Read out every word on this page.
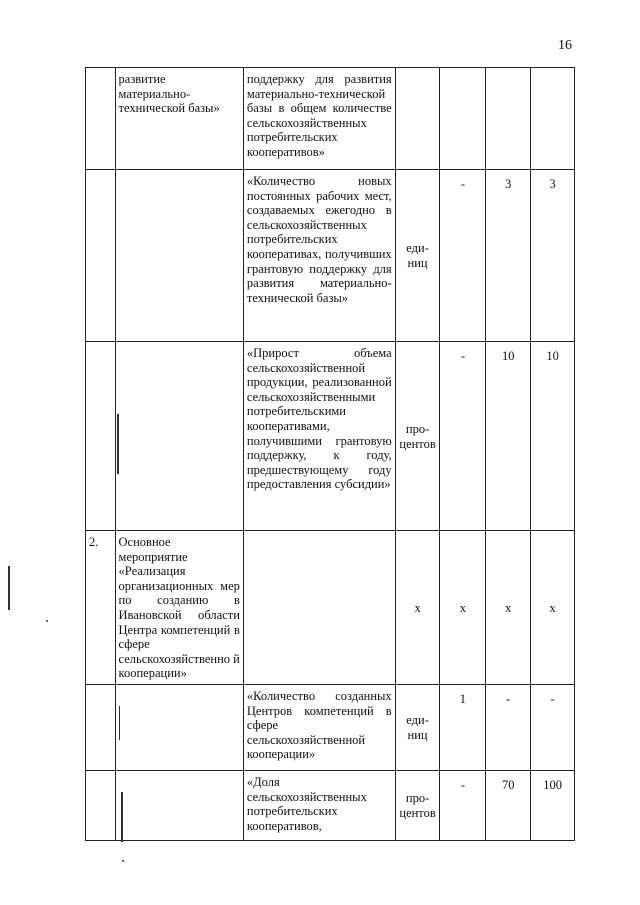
16
	развитие материально-технической базы»	поддержку для развития материально-технической базы в общем количестве сельскохозяйственных потребительских кооперативов»				
		«Количество новых постоянных рабочих мест, создаваемых ежегодно в сельскохозяйственных потребительских кооперативах, получивших грантовую поддержку для развития материально-технической базы»	еди-ниц	-	3	3
		«Прирост объема сельскохозяйственной продукции, реализованной сельскохозяйственными потребительскими кооперативами, получившими грантовую поддержку, к году, предшествующему году предоставления субсидии»	про-центов	-	10	10
2.	Основное мероприятие «Реализация организационных мер по созданию в Ивановской области Центра компетенций в сфере сельскохозяйственно й кооперации»		х	х	х	х
		«Количество созданных Центров компетенций в сфере сельскохозяйственной кооперации»	еди-ниц	1	-	-
		«Доля сельскохозяйственных потребительских кооперативов,	про-центов	-	70	100
